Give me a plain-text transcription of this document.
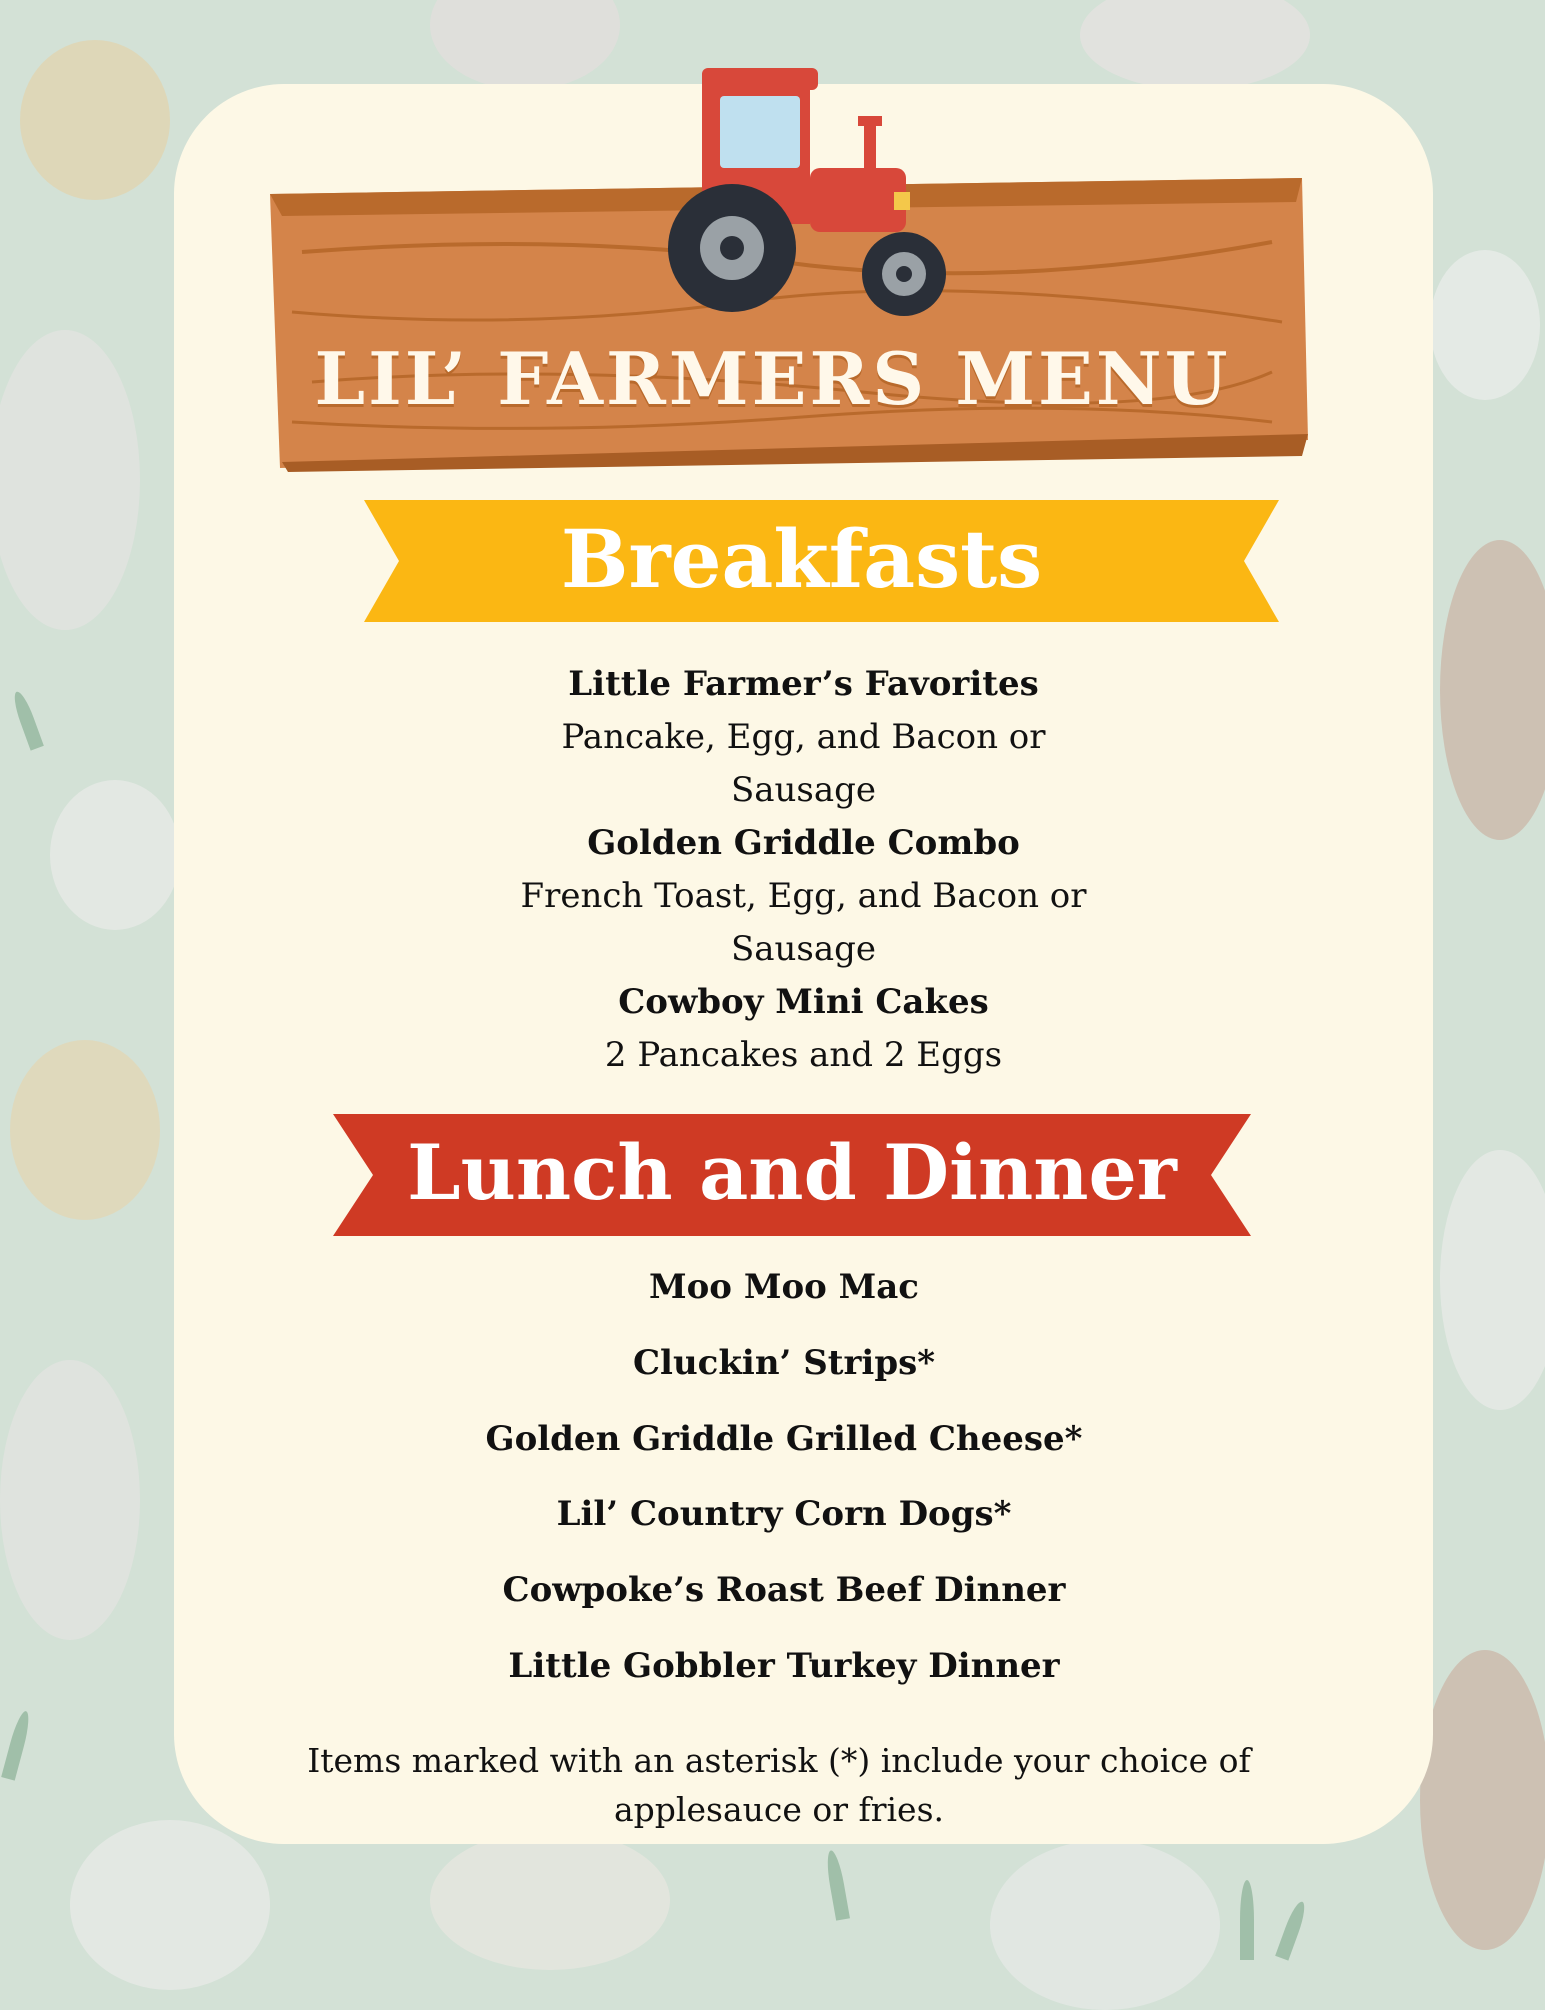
LIL’ FARMERS MENU
Breakfasts
Little Farmer’s Favorites
Pancake, Egg, and Bacon or
Sausage
Golden Griddle Combo
French Toast, Egg, and Bacon or
Sausage
Cowboy Mini Cakes
2 Pancakes and 2 Eggs
Lunch and Dinner
Moo Moo Mac
Cluckin’ Strips*
Golden Griddle Grilled Cheese*
Lil’ Country Corn Dogs*
Cowpoke’s Roast Beef Dinner
Little Gobbler Turkey Dinner
Items marked with an asterisk (*) include your choice of
applesauce or fries.
